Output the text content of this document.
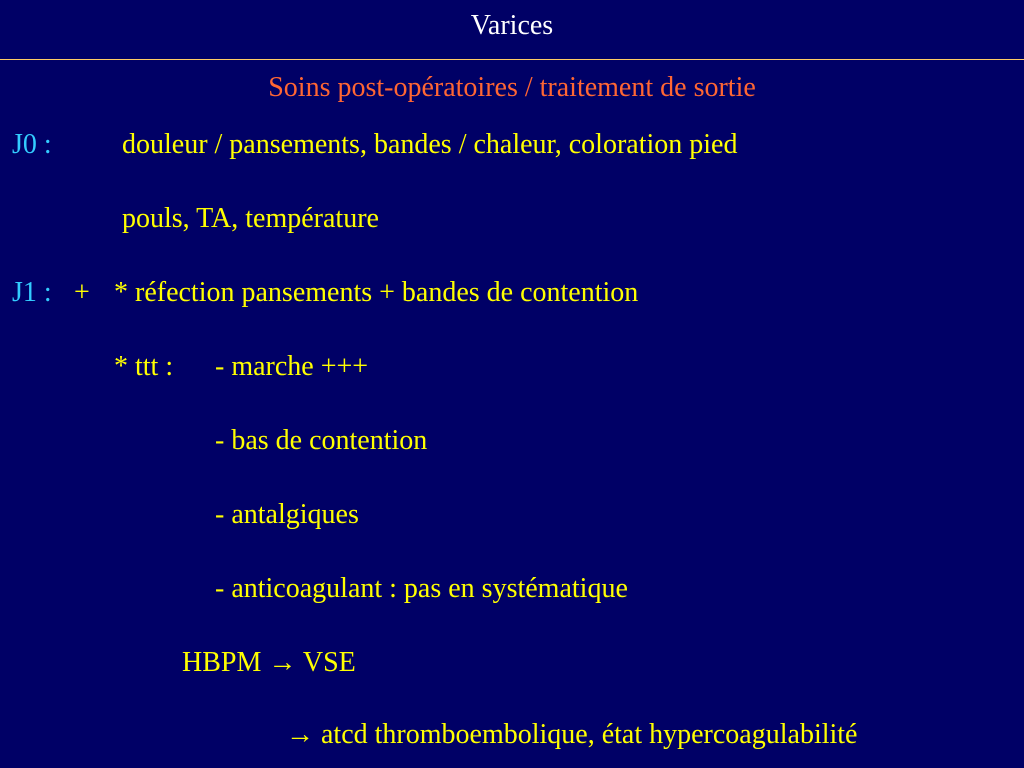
Varices
Soins post-opératoires / traitement de sortie
J0 :	douleur / pansements, bandes / chaleur, coloration pied
pouls, TA, température
J1 : + * réfection pansements + bandes de contention
* ttt : - marche +++
- bas de contention
- antalgiques
- anticoagulant : pas en systématique
HBPM → VSE
→ atcd thromboembolique, état hypercoagulabilité
